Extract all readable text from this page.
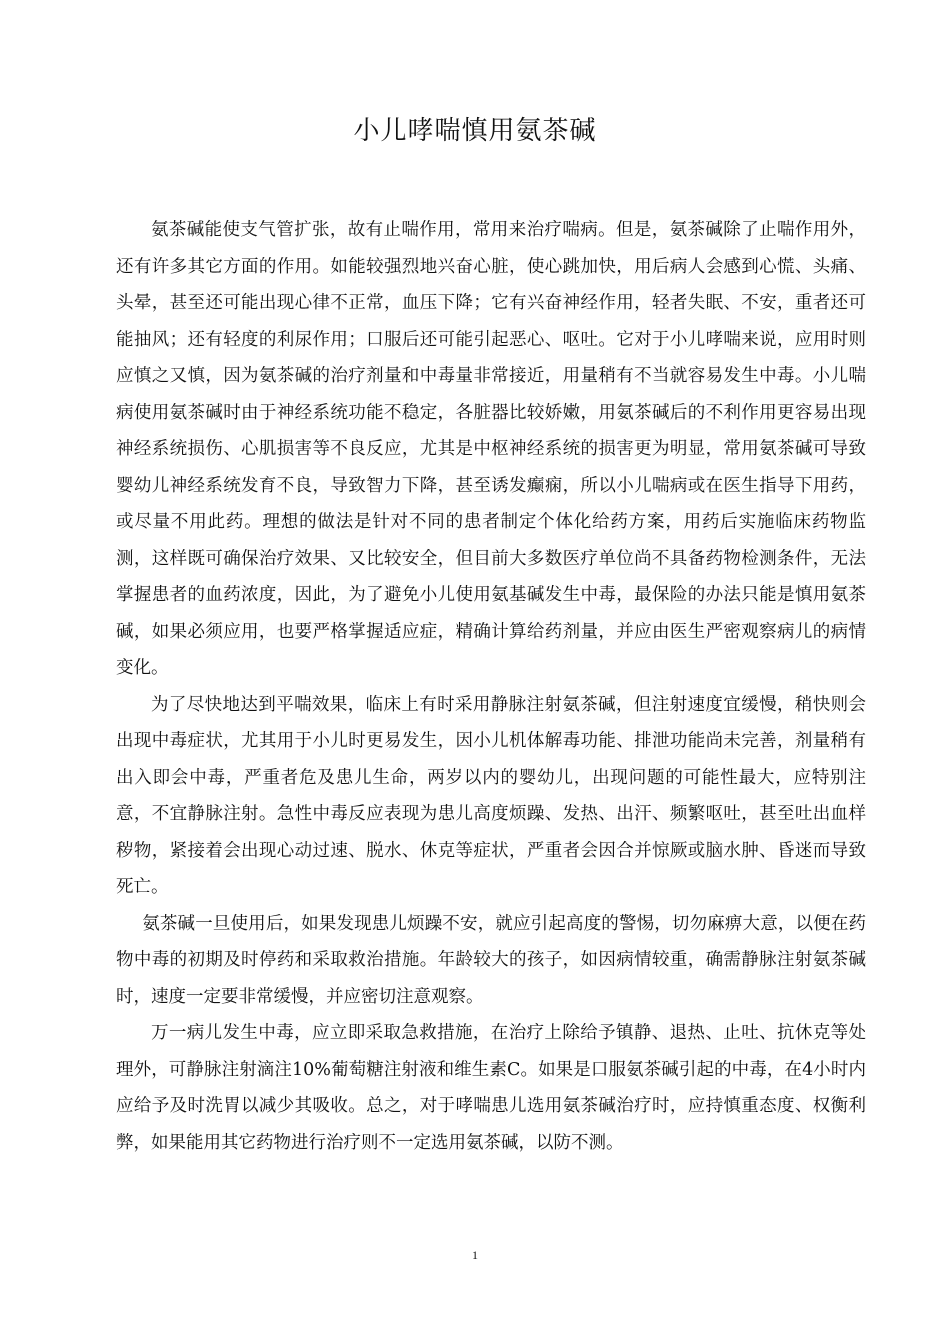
小儿哮喘慎用氨茶碱

氨茶碱能使支气管扩张，故有止喘作用，常用来治疗喘病。但是，氨茶碱除了止喘作用外，还有许多其它方面的作用。如能较强烈地兴奋心脏，使心跳加快，用后病人会感到心慌、头痛、头晕，甚至还可能出现心律不正常，血压下降；它有兴奋神经作用，轻者失眠、不安，重者还可能抽风；还有轻度的利尿作用；口服后还可能引起恶心、呕吐。它对于小儿哮喘来说，应用时则应慎之又慎，因为氨茶碱的治疗剂量和中毒量非常接近，用量稍有不当就容易发生中毒。小儿喘病使用氨茶碱时由于神经系统功能不稳定，各脏器比较娇嫩，用氨茶碱后的不利作用更容易出现神经系统损伤、心肌损害等不良反应，尤其是中枢神经系统的损害更为明显，常用氨茶碱可导致婴幼儿神经系统发育不良，导致智力下降，甚至诱发癫痫，所以小儿喘病或在医生指导下用药，或尽量不用此药。理想的做法是针对不同的患者制定个体化给药方案，用药后实施临床药物监测，这样既可确保治疗效果、又比较安全，但目前大多数医疗单位尚不具备药物检测条件，无法掌握患者的血药浓度，因此，为了避免小儿使用氨基碱发生中毒，最保险的办法只能是慎用氨茶碱，如果必须应用，也要严格掌握适应症，精确计算给药剂量，并应由医生严密观察病儿的病情变化。

为了尽快地达到平喘效果，临床上有时采用静脉注射氨茶碱，但注射速度宜缓慢，稍快则会出现中毒症状，尤其用于小儿时更易发生，因小儿机体解毒功能、排泄功能尚未完善，剂量稍有出入即会中毒，严重者危及患儿生命，两岁以内的婴幼儿，出现问题的可能性最大，应特别注意，不宜静脉注射。急性中毒反应表现为患儿高度烦躁、发热、出汗、频繁呕吐，甚至吐出血样秽物，紧接着会出现心动过速、脱水、休克等症状，严重者会因合并惊厥或脑水肿、昏迷而导致死亡。

氨茶碱一旦使用后，如果发现患儿烦躁不安，就应引起高度的警惕，切勿麻痹大意，以便在药物中毒的初期及时停药和采取救治措施。年龄较大的孩子，如因病情较重，确需静脉注射氨茶碱时，速度一定要非常缓慢，并应密切注意观察。

万一病儿发生中毒，应立即采取急救措施，在治疗上除给予镇静、退热、止吐、抗休克等处理外，可静脉注射滴注10%葡萄糖注射液和维生素C。如果是口服氨茶碱引起的中毒，在4小时内应给予及时洗胃以减少其吸收。总之，对于哮喘患儿选用氨茶碱治疗时，应持慎重态度、权衡利弊，如果能用其它药物进行治疗则不一定选用氨茶碱，以防不测。

1
